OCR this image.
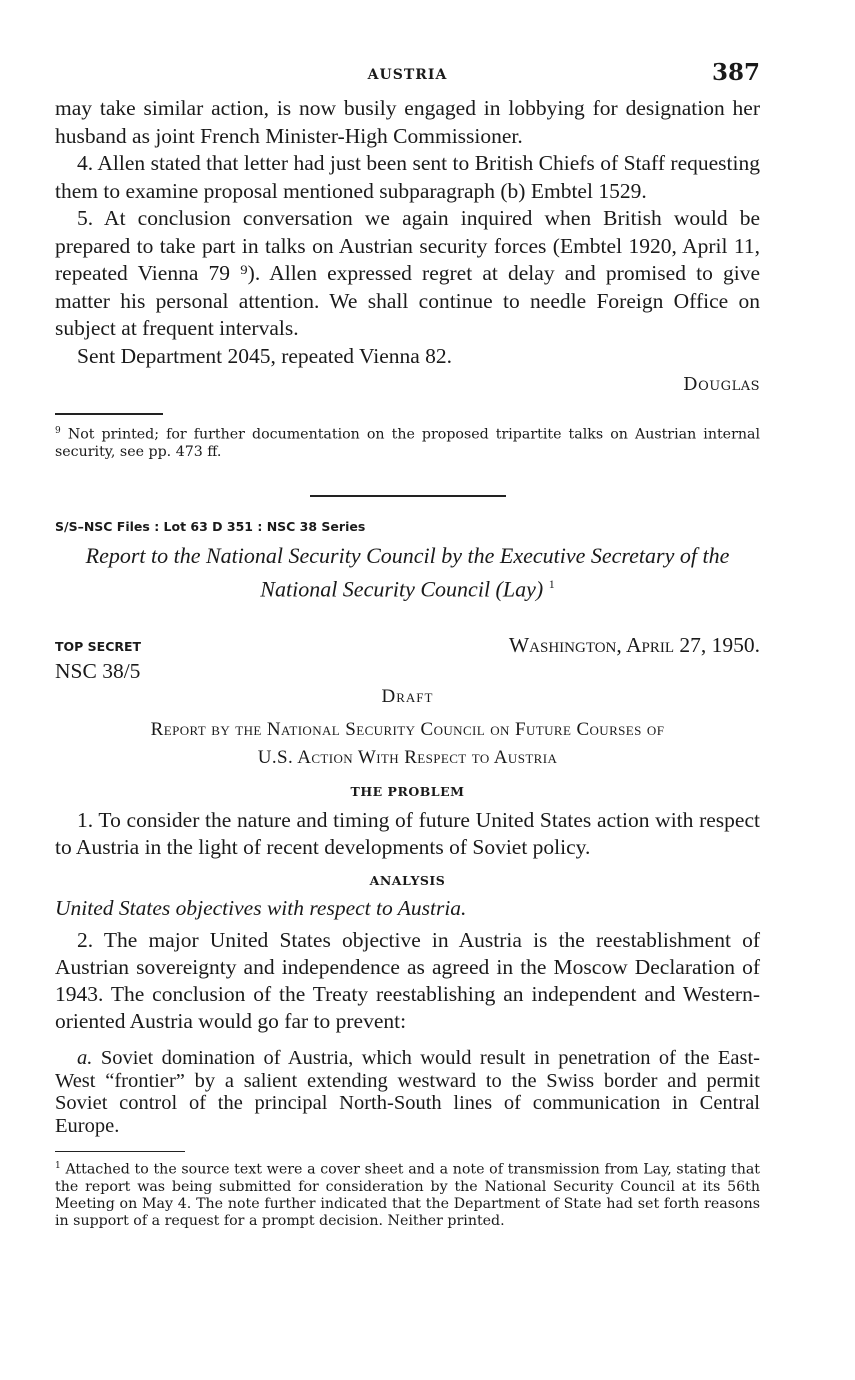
AUSTRIA	387

may take similar action, is now busily engaged in lobbying for designation her husband as joint French Minister-High Commissioner.

4. Allen stated that letter had just been sent to British Chiefs of Staff requesting them to examine proposal mentioned subparagraph (b) Embtel 1529.

5. At conclusion conversation we again inquired when British would be prepared to take part in talks on Austrian security forces (Embtel 1920, April 11, repeated Vienna 79 ⁹). Allen expressed regret at delay and promised to give matter his personal attention. We shall continue to needle Foreign Office on subject at frequent intervals.

Sent Department 2045, repeated Vienna 82.

Douglas
$^9$ Not printed; for further documentation on the proposed tripartite talks on Austrian internal security, see pp. 473 ff.
S/S–NSC Files : Lot 63 D 351 : NSC 38 Series
Report to the National Security Council by the Executive Secretary of the National Security Council (Lay) $^1$
TOP SECRET	Washington, April 27, 1950.
NSC 38/5
Draft
Report by the National Security Council on Future Courses of
U.S. Action With Respect to Austria
THE PROBLEM

1. To consider the nature and timing of future United States action with respect to Austria in the light of recent developments of Soviet policy.

ANALYSIS
United States objectives with respect to Austria.

2. The major United States objective in Austria is the reestablishment of Austrian sovereignty and independence as agreed in the Moscow Declaration of 1943. The conclusion of the Treaty reestablishing an independent and Western-oriented Austria would go far to prevent:

a. Soviet domination of Austria, which would result in penetration of the East-West “frontier” by a salient extending westward to the Swiss border and permit Soviet control of the principal North-South lines of communication in Central Europe.

$^1$ Attached to the source text were a cover sheet and a note of transmission from Lay, stating that the report was being submitted for consideration by the National Security Council at its 56th Meeting on May 4. The note further indicated that the Department of State had set forth reasons in support of a request for a prompt decision. Neither printed.
